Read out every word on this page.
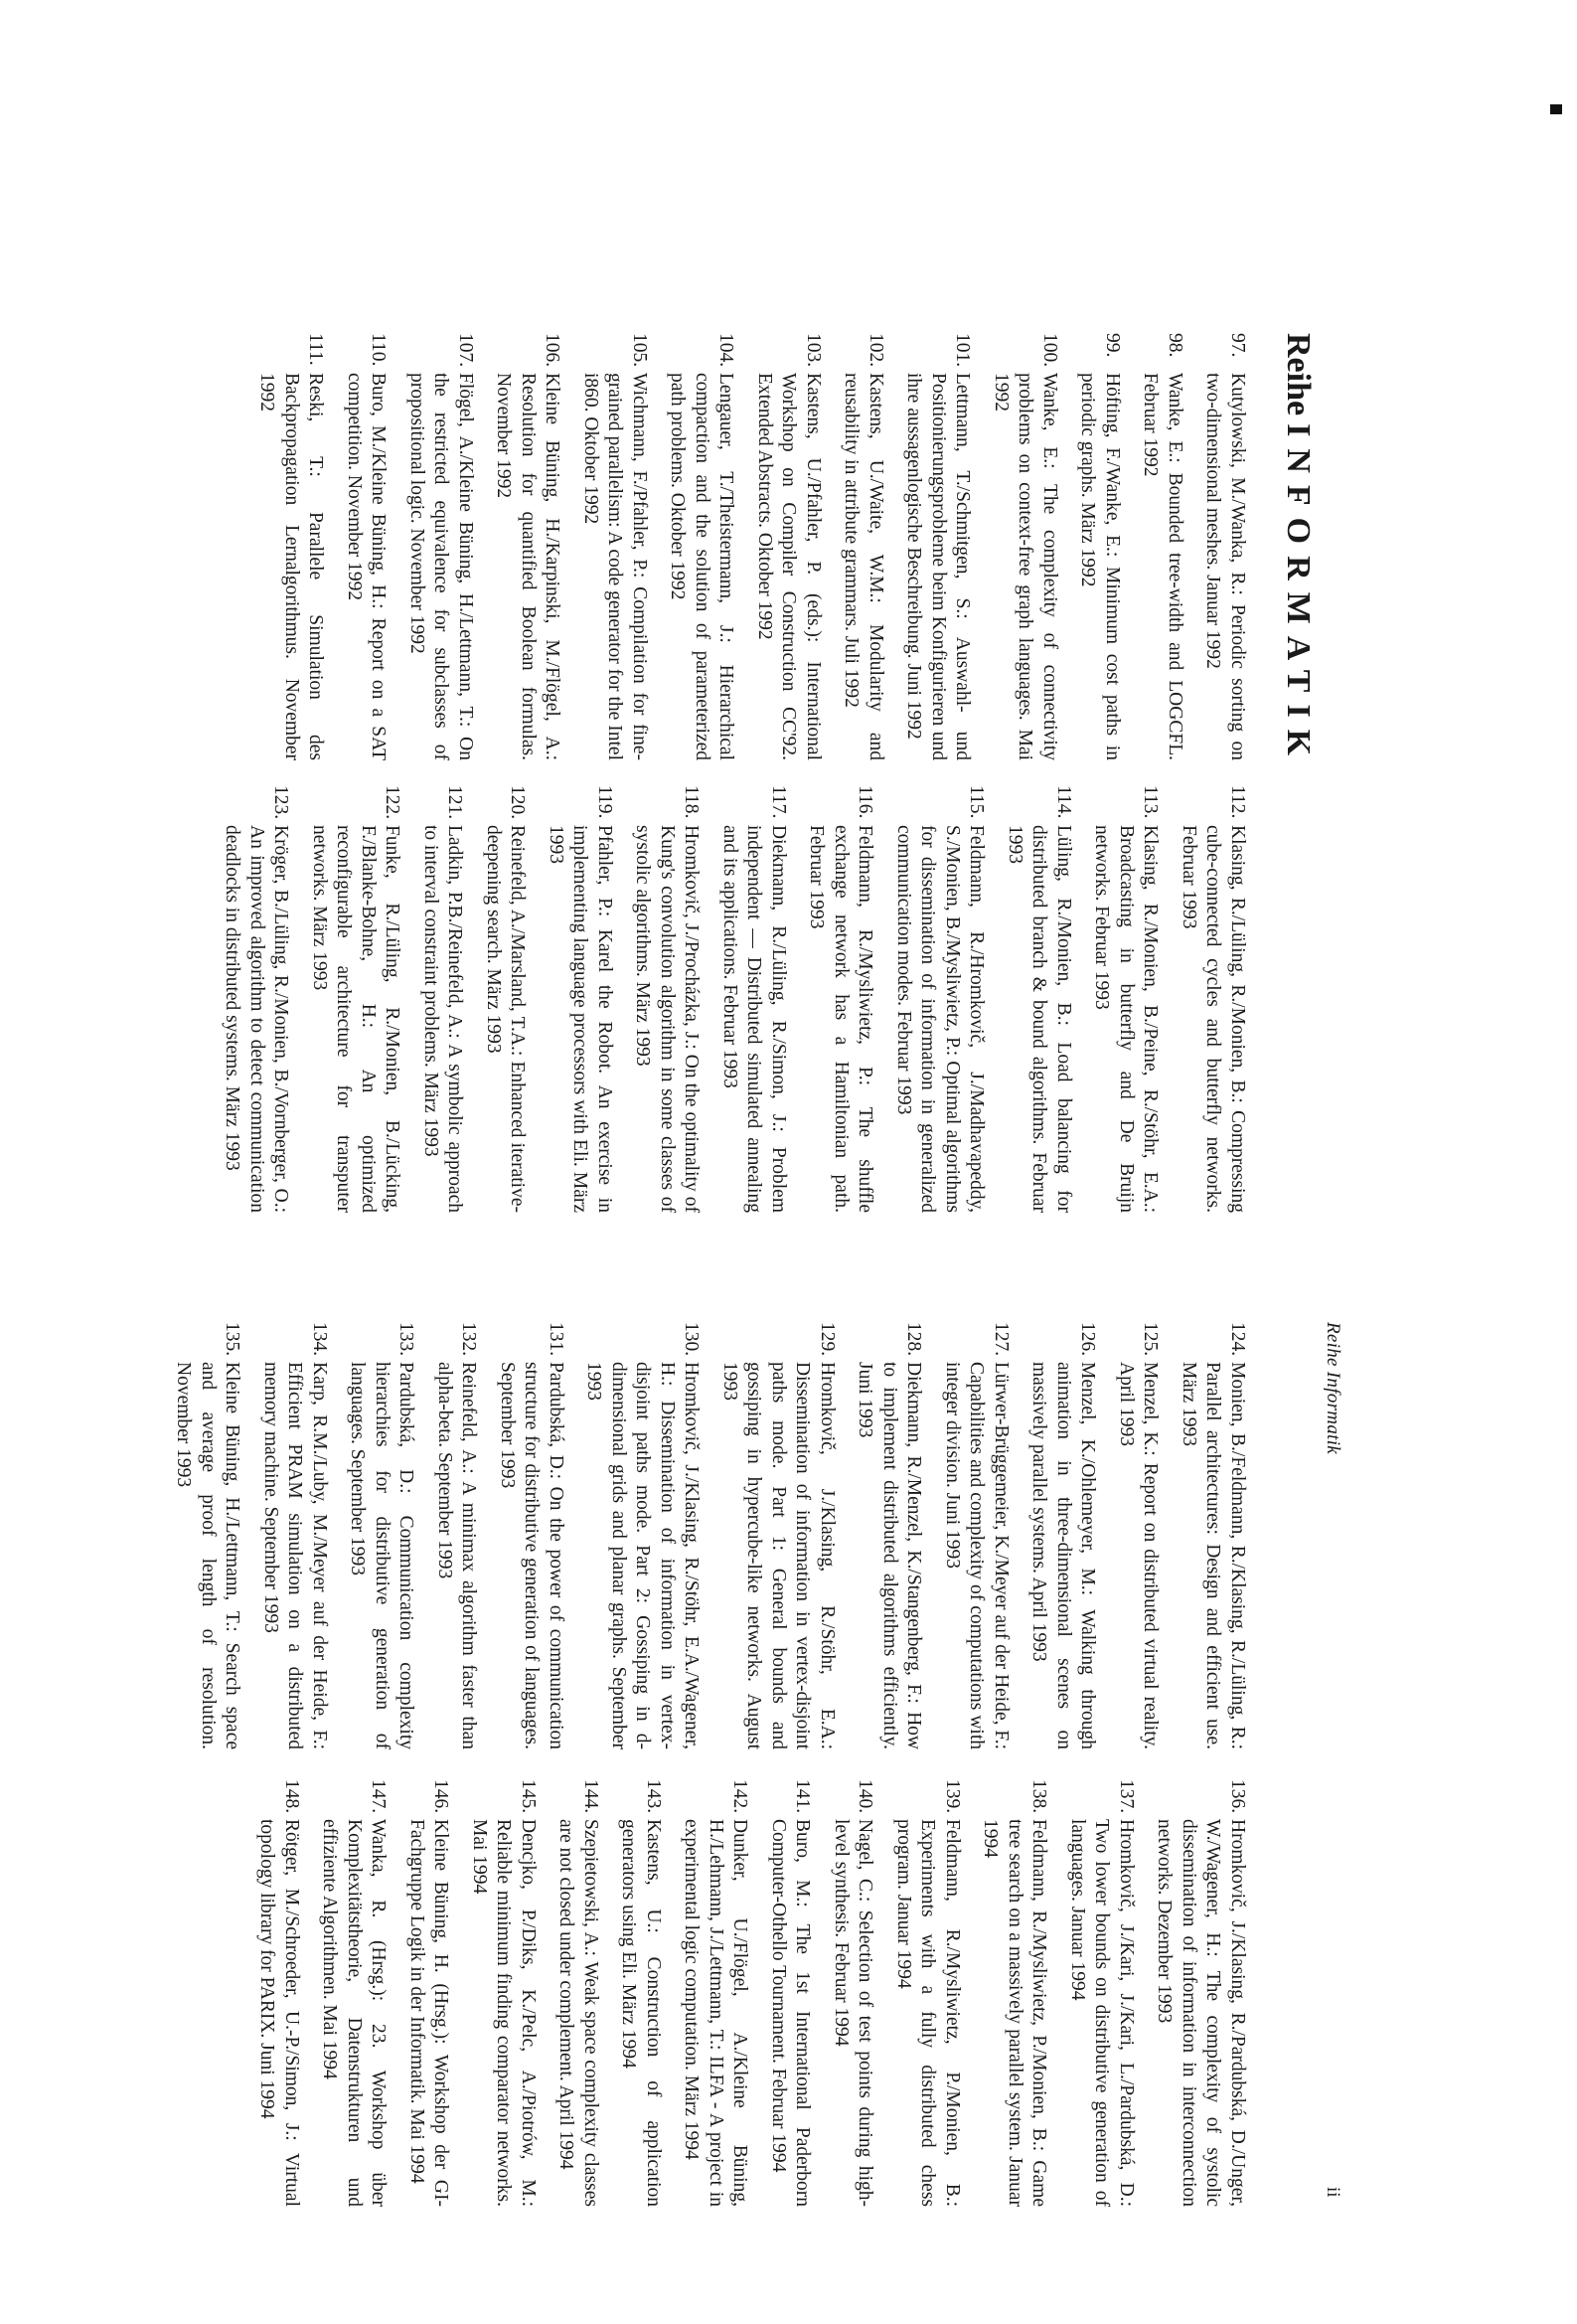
Reihe Informatik
ii
ReiheINFORMATIK
97.
Kutylowski, M./Wanka, R.: Periodic sorting on two-dimensional meshes. Januar 1992
98.
Wanke, E.: Bounded tree-width and LOGCFL. Februar 1992
99.
Höfting, F./Wanke, E.: Minimum cost paths in periodic graphs. März 1992
100.
Wanke, E.: The complexity of connectivity problems on context-free graph languages. Mai 1992
101.
Lettmann, T./Schmitgen, S.: Auswahl- und Positionierungsprobleme beim Konfigurieren und ihre aussagenlogische Beschreibung. Juni 1992
102.
Kastens, U./Waite, W.M.: Modularity and reusability in attribute grammars. Juli 1992
103.
Kastens, U./Pfahler, P. (eds.): International Workshop on Compiler Construction CC'92. Extended Abstracts. Oktober 1992
104.
Lengauer, T./Theistermann, J.: Hierarchical compaction and the solution of parameterized path problems. Oktober 1992
105.
Wichmann, F./Pfahler, P.: Compilation for fine-grained parallelism: A code generator for the Intel i860. Oktober 1992
106.
Kleine Büning, H./Karpinski, M./Flögel, A.: Resolution for quantified Boolean formulas. November 1992
107.
Flögel, A./Kleine Büning, H./Lettmann, T.: On the restricted equivalence for subclasses of propositional logic. November 1992
110.
Buro, M./Kleine Büning, H.: Report on a SAT competition. November 1992
111.
Reski, T.: Parallele Simulation des Backpropagation Lernalgorithmus. November 1992
112.
Klasing, R./Lüling, R./Monien, B.: Compressing cube-connected cycles and butterfly networks. Februar 1993
113.
Klasing, R./Monien, B./Peine, R./Stöhr, E.A.: Broadcasting in butterfly and De Bruijn networks. Februar 1993
114.
Lüling, R./Monien, B.: Load balancing for distributed branch & bound algorithms. Februar 1993
115.
Feldmann, R./Hromkovič, J./Madhavapeddy, S./Monien, B./Mysliwietz, P.: Optimal algorithms for dissemination of information in generalized communication modes. Februar 1993
116.
Feldmann, R./Mysliwietz, P.: The shuffle exchange network has a Hamiltonian path. Februar 1993
117.
Diekmann, R./Lüling, R./Simon, J.: Problem independent — Distributed simulated annealing and its applications. Februar 1993
118.
Hromkovič, J./Procházka, J.: On the optimality of Kung's convolution algorithm in some classes of systolic algorithms. März 1993
119.
Pfahler, P.: Karel the Robot. An exercise in implementing language processors with Eli. März 1993
120.
Reinefeld, A./Marsland, T.A.: Enhanced iterative-deepening search. März 1993
121.
Ladkin, P.B./Reinefeld, A.: A symbolic approach to interval constraint problems. März 1993
122.
Funke, R./Lüling, R./Monien, B./Lücking, F./Blanke-Bohne, H.: An optimized reconfigurable architecture for transputer networks. März 1993
123.
Kröger, B./Lüling, R./Monien, B./Vornberger, O.: An improved algorithm to detect communication deadlocks in distributed systems. März 1993
124.
Monien, B./Feldmann, R./Klasing, R./Lüling, R.: Parallel architectures: Design and efficient use. März 1993
125.
Menzel, K.: Report on distributed virtual reality. April 1993
126.
Menzel, K./Ohlemeyer, M.: Walking through animation in three-dimensional scenes on massively parallel systems. April 1993
127.
Lürwer-Brüggemeier, K./Meyer auf der Heide, F.: Capabilities and complexity of computations with integer division. Juni 1993
128.
Diekmann, R./Menzel, K./Stangenberg, F.: How to implement distributed algorithms efficiently. Juni 1993
129.
Hromkovič, J./Klasing, R./Stöhr, E.A.: Dissemination of information in vertex-disjoint paths mode. Part 1: General bounds and gossiping in hypercube-like networks. August 1993
130.
Hromkovič, J./Klasing, R./Stöhr, E.A./Wagener, H.: Dissemination of information in vertex-disjoint paths mode. Part 2: Gossiping in d-dimensional grids and planar graphs. September 1993
131.
Pardubská, D.: On the power of communication structure for distributive generation of languages. September 1993
132.
Reinefeld, A.: A minimax algorithm faster than alpha-beta. September 1993
133.
Pardubská, D.: Communication complexity hierarchies for distributive generation of languages. September 1993
134.
Karp, R.M./Luby, M./Meyer auf der Heide, F.: Efficient PRAM simulation on a distributed memory machine. September 1993
135.
Kleine Büning, H./Lettmann, T.: Search space and average proof length of resolution. November 1993
136.
Hromkovič, J./Klasing, R./Pardubská, D./Unger, W./Wagener, H.: The complexity of systolic dissemination of information in interconnection networks. Dezember 1993
137.
Hromkovič, J./Kari, J./Kari, L./Pardubská, D.: Two lower bounds on distributive generation of languages. Januar 1994
138.
Feldmann, R./Mysliwietz, P./Monien, B.: Game tree search on a massively parallel system. Januar 1994
139.
Feldmann, R./Mysliwietz, P./Monien, B.: Experiments with a fully distributed chess program. Januar 1994
140.
Nagel, C.: Selection of test points during high-level synthesis. Februar 1994
141.
Buro, M.: The 1st International Paderborn Computer-Othello Tournament. Februar 1994
142.
Dunker, U./Flögel, A./Kleine Büning, H./Lehmann, J./Lettmann, T.: ILFA - A project in experimental logic computation. März 1994
143.
Kastens, U.: Construction of application generators using Eli. März 1994
144.
Szepietowski, A.: Weak space complexity classes are not closed under complement. April 1994
145.
Dencjko, P./Diks, K./Pelc, A./Piotrów, M.: Reliable minimum finding comparator networks. Mai 1994
146.
Kleine Büning, H. (Hrsg.): Workshop der GI-Fachgruppe Logik in der Informatik. Mai 1994
147.
Wanka, R. (Hrsg.): 23. Workshop über Komplexitätstheorie, Datenstrukturen und effiziente Algorithmen. Mai 1994
148.
Rötger, M./Schroeder, U.-P./Simon, J.: Virtual topology library for PARIX. Juni 1994
